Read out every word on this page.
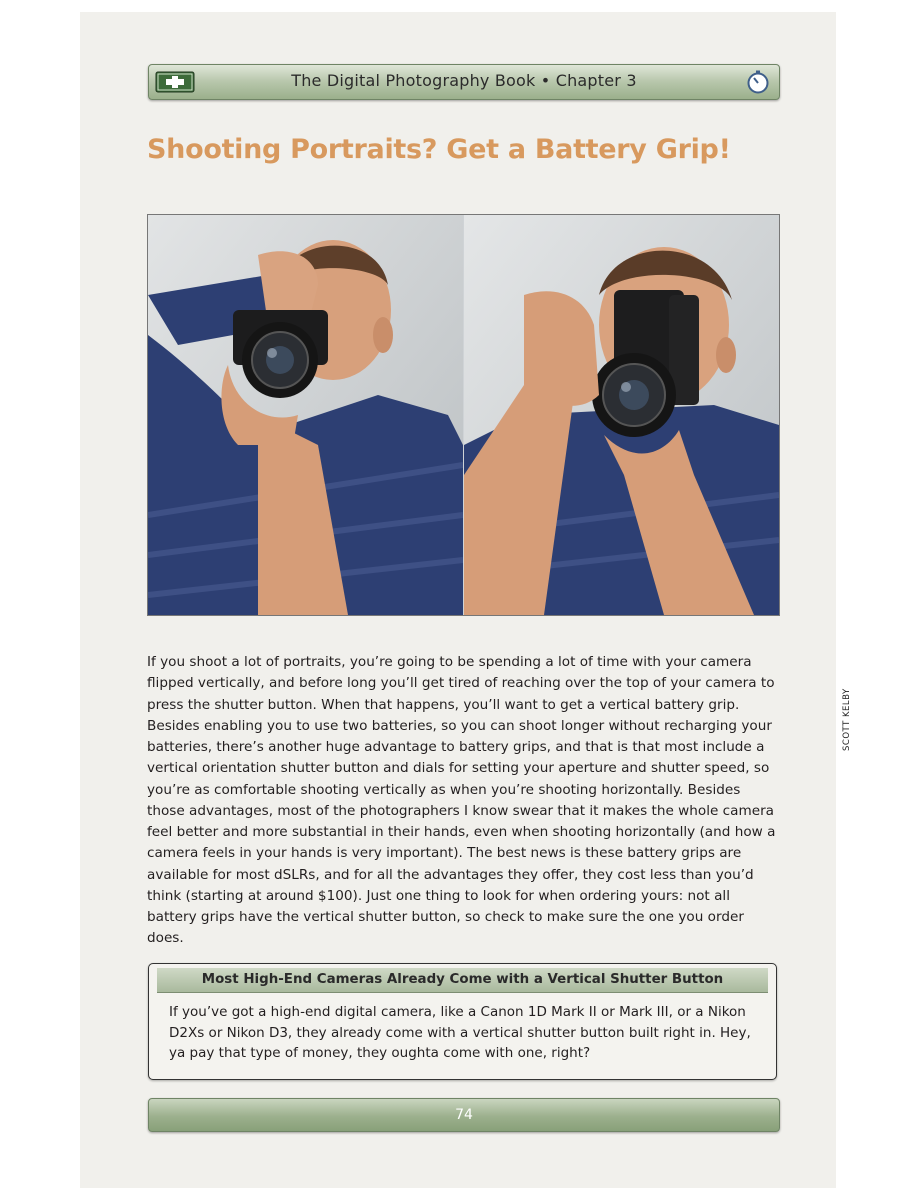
The Digital Photography Book • Chapter 3
Shooting Portraits? Get a Battery Grip!
SCOTT KELBY

If you shoot a lot of portraits, you’re going to be spending a lot of time with your camera flipped vertically, and before long you’ll get tired of reaching over the top of your camera to press the shutter button. When that happens, you’ll want to get a vertical battery grip. Besides enabling you to use two batteries, so you can shoot longer without recharging your batteries, there’s another huge advantage to battery grips, and that is that most include a vertical orientation shutter button and dials for setting your aperture and shutter speed, so you’re as comfortable shooting vertically as when you’re shooting horizontally. Besides those advantages, most of the photographers I know swear that it makes the whole camera feel better and more substantial in their hands, even when shooting horizontally (and how a camera feels in your hands is very important). The best news is these battery grips are available for most dSLRs, and for all the advantages they offer, they cost less than you’d think (starting at around $100). Just one thing to look for when ordering yours: not all battery grips have the vertical shutter button, so check to make sure the one you order does.

Most High-End Cameras Already Come with a Vertical Shutter Button

If you’ve got a high-end digital camera, like a Canon 1D Mark II or Mark III, or a Nikon D2Xs or Nikon D3, they already come with a vertical shutter button built right in. Hey, ya pay that type of money, they oughta come with one, right?

74
